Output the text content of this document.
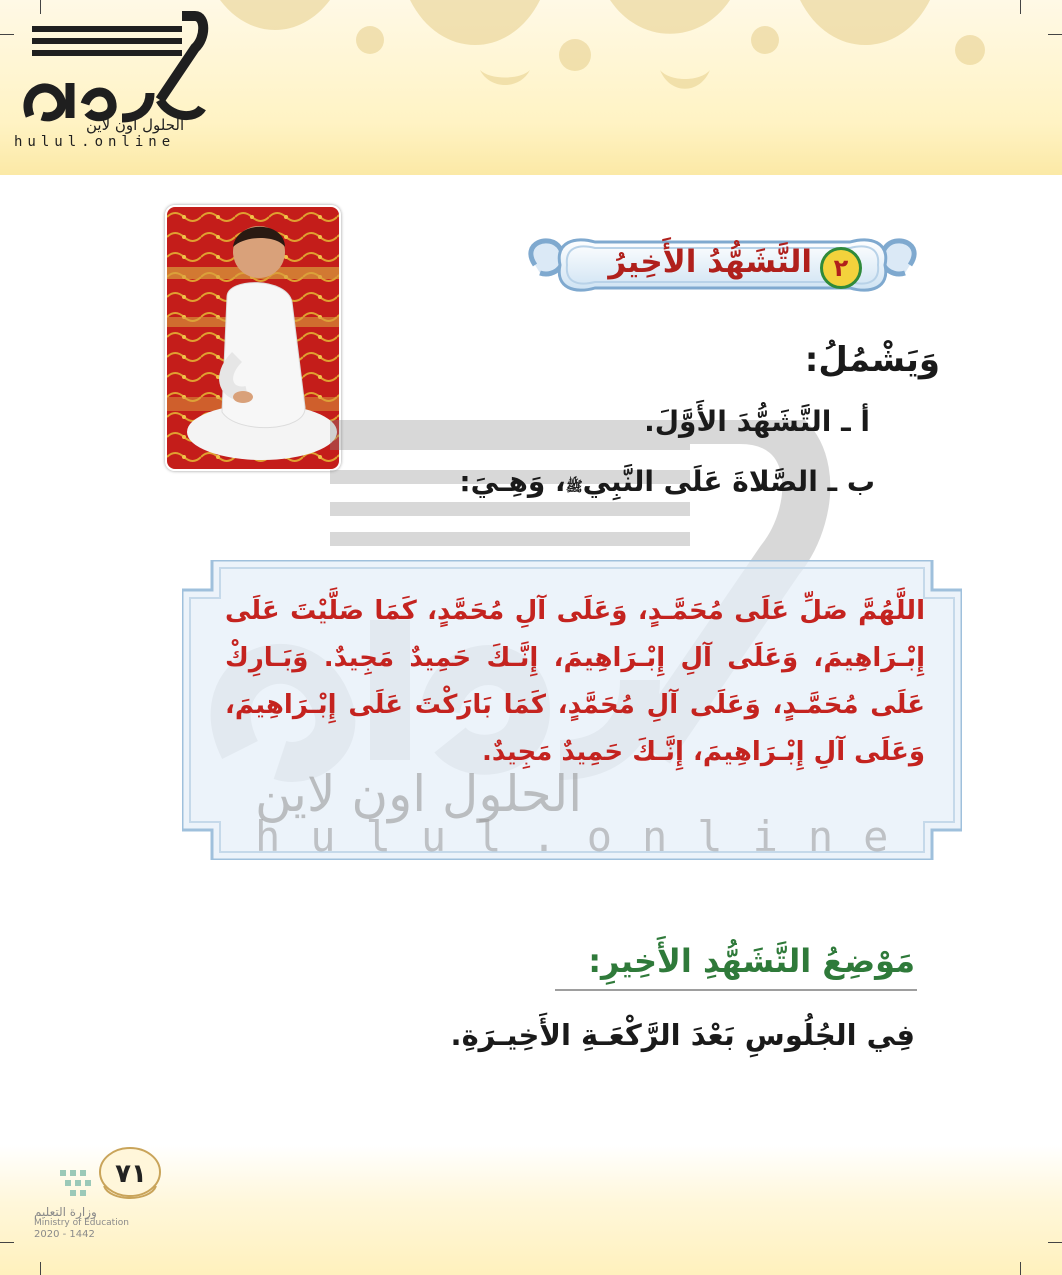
الحلول اون لاين
hulul.online
التَّشَهُّدُ الأَخِيرُ ٢
وَيَشْمُلُ:
أ ـ التَّشَهُّدَ الأَوَّلَ.
ب ـ الصَّلاةَ عَلَى النَّبِيﷺ، وَهِـيَ:
الحلول اون لاين
hulul.online
اللَّهُمَّ صَلِّ عَلَى مُحَمَّـدٍ، وَعَلَى آلِ مُحَمَّدٍ، كَمَا صَلَّيْتَ عَلَى إِبْـرَاهِيمَ، وَعَلَى آلِ إِبْـرَاهِيمَ، إِنَّـكَ حَمِيدٌ مَجِيدٌ. وَبَـارِكْ عَلَى مُحَمَّـدٍ، وَعَلَى آلِ مُحَمَّدٍ، كَمَا بَارَكْتَ عَلَى إِبْـرَاهِيمَ، وَعَلَى آلِ إِبْـرَاهِيمَ، إِنَّـكَ حَمِيدٌ مَجِيدٌ.
مَوْضِعُ التَّشَهُّدِ الأَخِيرِ:
فِي الجُلُوسِ بَعْدَ الرَّكْعَـةِ الأَخِيـرَةِ.
٧١
وزارة التعليم
Ministry of Education
2020 - 1442
